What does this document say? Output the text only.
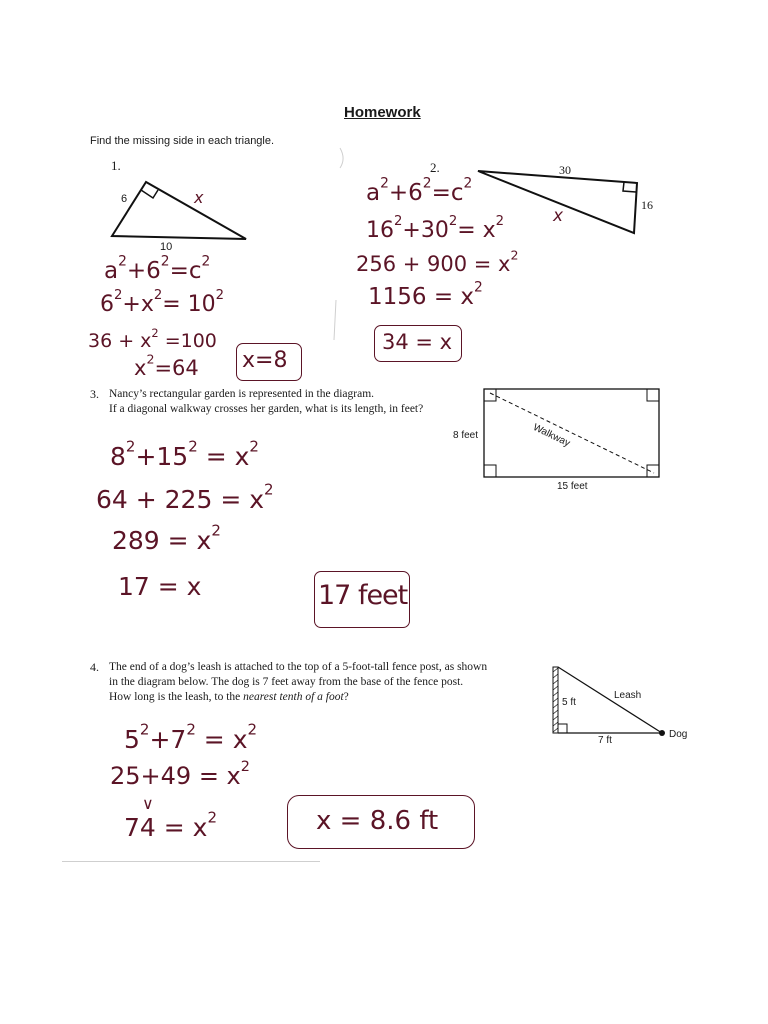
Homework
Find the missing side in each triangle.
1.
6	x
10
$a^2+6^2=c^2$
$6^2+x^2= 10^2$
$36 + x^2 =100$
$x^2=64$ x=8
2.	30
16
x
$a^2+6^2=c^2$
$16^2+30^2= x^2$
$256 + 900 = x^2$
$1156 = x^2$
34 = x
3. Nancy’s rectangular garden is represented in the diagram.
If a diagonal walkway crosses her garden, what is its length, in feet?
8 feet
15 feet
Walkway
$8^2+15^2 = x^2$
$64 + 225 = x^2$
$289 = x^2$
17 = x	17 feet
4. The end of a dog’s leash is attached to the top of a 5-foot-tall fence post, as shown
in the diagram below. The dog is 7 feet away from the base of the fence post.
How long is the leash, to the nearest tenth of a foot?	5 ft
7 ft
Leash
Dog
$5^2+7^2 = x^2$
$25+49 = x^2$
∨
$74 = x^2$	x = 8.6 ft
